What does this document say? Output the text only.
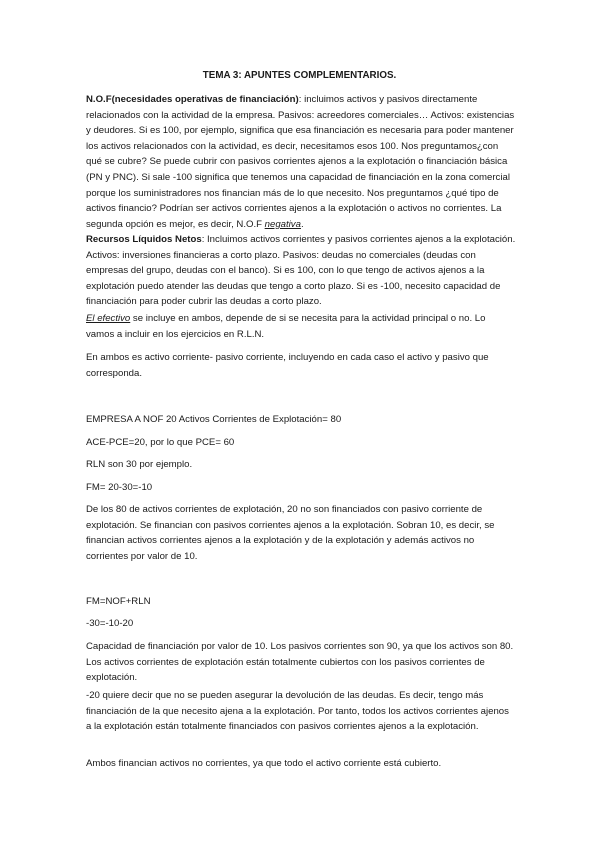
TEMA 3: APUNTES COMPLEMENTARIOS.

N.O.F(necesidades operativas de financiación): incluimos activos y pasivos directamente relacionados con la actividad de la empresa. Pasivos: acreedores comerciales… Activos: existencias y deudores. Si es 100, por ejemplo, significa que esa financiación es necesaria para poder mantener los activos relacionados con la actividad, es decir, necesitamos esos 100. Nos preguntamos¿con qué se cubre? Se puede cubrir con pasivos corrientes ajenos a la explotación o financiación básica (PN y PNC). Si sale -100 significa que tenemos una capacidad de financiación en la zona comercial porque los suministradores nos financian más de lo que necesito. Nos preguntamos ¿qué tipo de activos financio? Podrían ser activos corrientes ajenos a la explotación o activos no corrientes. La segunda opción es mejor, es decir, N.O.F negativa.

Recursos Líquidos Netos: Incluimos activos corrientes y pasivos corrientes ajenos a la explotación. Activos: inversiones financieras a corto plazo. Pasivos: deudas no comerciales (deudas con empresas del grupo, deudas con el banco). Si es 100, con lo que tengo de activos ajenos a la explotación puedo atender las deudas que tengo a corto plazo. Si es -100, necesito capacidad de financiación para poder cubrir las deudas a corto plazo.

El efectivo se incluye en ambos, depende de si se necesita para la actividad principal o no. Lo vamos a incluir en los ejercicios en R.L.N.

En ambos es activo corriente- pasivo corriente, incluyendo en cada caso el activo y pasivo que corresponda.

EMPRESA A NOF 20 Activos Corrientes de Explotación= 80

ACE-PCE=20, por lo que PCE= 60

RLN son 30 por ejemplo.

FM= 20-30=-10

De los 80 de activos corrientes de explotación, 20 no son financiados con pasivo corriente de explotación. Se financian con pasivos corrientes ajenos a la explotación. Sobran 10, es decir, se financian activos corrientes ajenos a la explotación y de la explotación y además activos no corrientes por valor de 10.

FM=NOF+RLN

-30=-10-20

Capacidad de financiación por valor de 10. Los pasivos corrientes son 90, ya que los activos son 80. Los activos corrientes de explotación están totalmente cubiertos con los pasivos corrientes de explotación.

-20 quiere decir que no se pueden asegurar la devolución de las deudas. Es decir, tengo más financiación de la que necesito ajena a la explotación. Por tanto, todos los activos corrientes ajenos a la explotación están totalmente financiados con pasivos corrientes ajenos a la explotación.

Ambos financian activos no corrientes, ya que todo el activo corriente está cubierto.
